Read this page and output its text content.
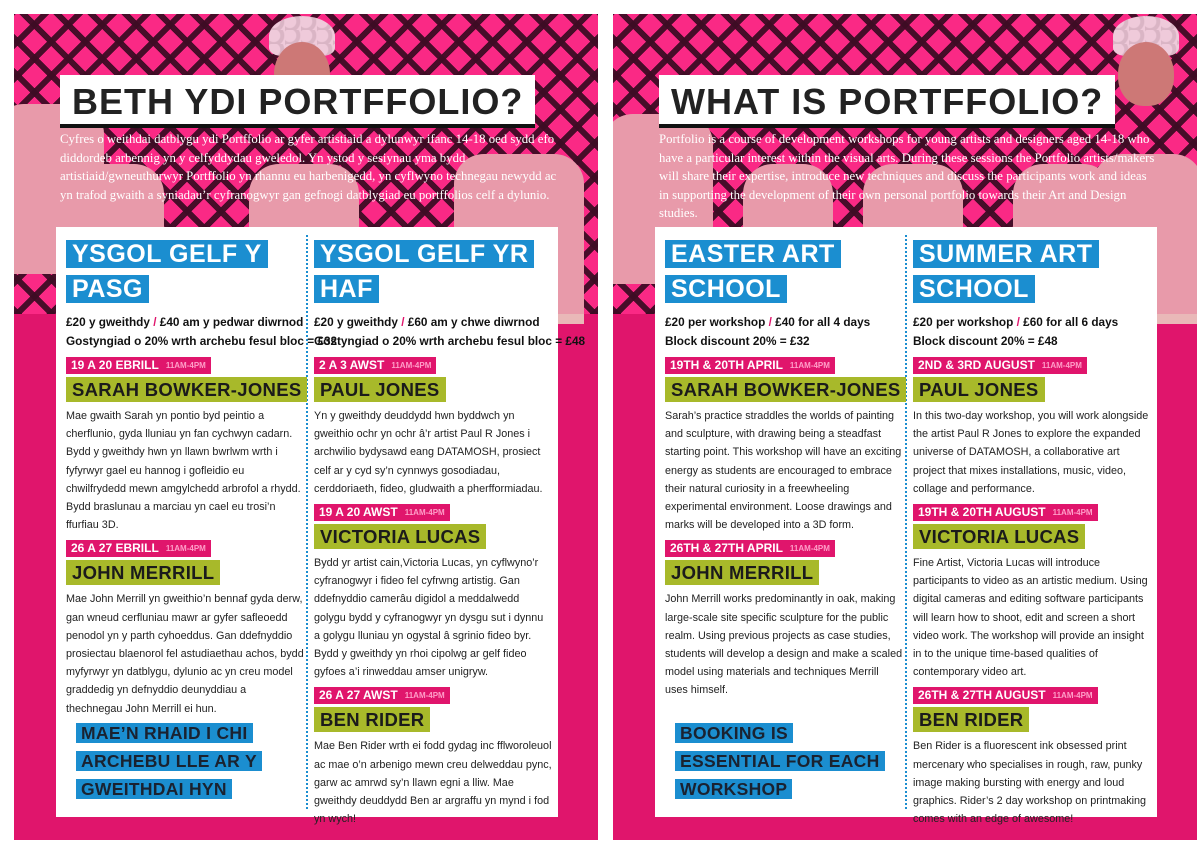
BETH YDI PORTFFOLIO?

Cyfres o weithdai datblygu ydi Portffolio ar gyfer artistiaid a dylunwyr ifanc 14-18 oed sydd efo diddordeb arbennig yn y celfyddydau gweledol. Yn ystod y sesiynau yma bydd artistiaid/gwneuthurwyr Portffolio yn rhannu eu harbenigedd, yn cyflwyno technegau newydd ac yn trafod gwaith a syniadau’r cyfranogwyr gan gefnogi datblygiad eu portffolios celf a dylunio.

YSGOL GELF Y PASG
£20 y gweithdy / £40 am y pedwar diwrnod
Gostyngiad o 20% wrth archebu fesul bloc = £32
19 A 20 EBRILL 11AM-4PM
SARAH BOWKER-JONES

Mae gwaith Sarah yn pontio byd peintio a cherflunio, gyda lluniau yn fan cychwyn cadarn. Bydd y gweithdy hwn yn llawn bwrlwm wrth i fyfyrwyr gael eu hannog i gofleidio eu chwilfrydedd mewn amgylchedd arbrofol a rhydd. Bydd braslunau a marciau yn cael eu trosi’n ffurfiau 3D.

26 A 27 EBRILL 11AM-4PM
JOHN MERRILL

Mae John Merrill yn gweithio’n bennaf gyda derw, gan wneud cerfluniau mawr ar gyfer safleoedd penodol yn y parth cyhoeddus. Gan ddefnyddio prosiectau blaenorol fel astudiaethau achos, bydd myfyrwyr yn datblygu, dylunio ac yn creu model graddedig yn defnyddio deunyddiau a thechnegau John Merrill ei hun.

MAE’N RHAID I CHI ARCHEBU LLE AR Y GWEITHDAI HYN
YSGOL GELF YR HAF
£20 y gweithdy / £60 am y chwe diwrnod
Gostyngiad o 20% wrth archebu fesul bloc = £48
2 A 3 AWST 11AM-4PM
PAUL JONES

Yn y gweithdy deuddydd hwn byddwch yn gweithio ochr yn ochr â’r artist Paul R Jones i archwilio bydysawd eang DATAMOSH, prosiect celf ar y cyd sy’n cynnwys gosodiadau, cerddoriaeth, fideo, gludwaith a pherfformiadau.

19 A 20 AWST 11AM-4PM
VICTORIA LUCAS

Bydd yr artist cain,Victoria Lucas, yn cyflwyno’r cyfranogwyr i fideo fel cyfrwng artistig. Gan ddefnyddio camerâu digidol a meddalwedd golygu bydd y cyfranogwyr yn dysgu sut i dynnu a golygu lluniau yn ogystal â sgrinio fideo byr. Bydd y gweithdy yn rhoi cipolwg ar gelf fideo gyfoes a’i rinweddau amser unigryw.

26 A 27 AWST 11AM-4PM
BEN RIDER

Mae Ben Rider wrth ei fodd gydag inc fflworoleuol ac mae o’n arbenigo mewn creu delweddau pync, garw ac amrwd sy’n llawn egni a lliw. Mae gweithdy deuddydd Ben ar argraffu yn mynd i fod yn wych!

WHAT IS PORTFFOLIO?

Portfolio is a course of development workshops for young artists and designers aged 14-18 who have a particular interest within the visual arts. During these sessions the Portfolio artists/makers will share their expertise, introduce new techniques and discuss the participants work and ideas in supporting the development of their own personal portfolio towards their Art and Design studies.

EASTER ART SCHOOL
£20 per workshop / £40 for all 4 days
Block discount 20% = £32
19TH & 20TH APRIL 11AM-4PM
SARAH BOWKER-JONES

Sarah’s practice straddles the worlds of painting and sculpture, with drawing being a steadfast starting point. This workshop will have an exciting energy as students are encouraged to embrace their natural curiosity in a freewheeling experimental environment. Loose drawings and marks will be developed into a 3D form.

26TH & 27TH APRIL 11AM-4PM
JOHN MERRILL

John Merrill works predominantly in oak, making large-scale site specific sculpture for the public realm. Using previous projects as case studies, students will develop a design and make a scaled model using materials and techniques Merrill uses himself.

BOOKING IS ESSENTIAL FOR EACH WORKSHOP
SUMMER ART SCHOOL
£20 per workshop / £60 for all 6 days
Block discount 20% = £48
2ND & 3RD AUGUST 11AM-4PM
PAUL JONES

In this two-day workshop, you will work alongside the artist Paul R Jones to explore the expanded universe of DATAMOSH, a collaborative art project that mixes installations, music, video, collage and performance.

19TH & 20TH AUGUST 11AM-4PM
VICTORIA LUCAS

Fine Artist, Victoria Lucas will introduce participants to video as an artistic medium. Using digital cameras and editing software participants will learn how to shoot, edit and screen a short video work. The workshop will provide an insight in to the unique time-based qualities of contemporary video art.

26TH & 27TH AUGUST 11AM-4PM
BEN RIDER

Ben Rider is a fluorescent ink obsessed print mercenary who specialises in rough, raw, punky image making bursting with energy and loud graphics. Rider’s 2 day workshop on printmaking comes with an edge of awesome!
